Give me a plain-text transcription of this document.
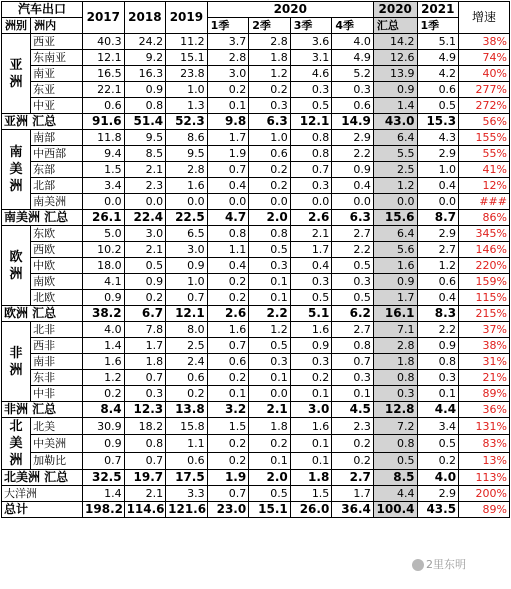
汽车出口		2017	2018	2019	2020				2020	2021	增速
洲别	洲内				1季	2季	3季	4季	汇总	1季	

亚洲	西亚	40.3	24.2	11.2	3.7	2.8	3.6	4.0	14.2	5.1	38%
	东南亚	12.1	9.2	15.1	2.8	1.8	3.1	4.9	12.6	4.9	74%
	南亚	16.5	16.3	23.8	3.0	1.2	4.6	5.2	13.9	4.2	40%
	东亚	22.1	0.9	1.0	0.2	0.2	0.3	0.3	0.9	0.6	277%
	中亚	0.6	0.8	1.3	0.1	0.3	0.5	0.6	1.4	0.5	272%
亚洲 汇总		91.6	51.4	52.3	9.8	6.3	12.1	14.9	43.0	15.3	56%

南美洲	南部	11.8	9.5	8.6	1.7	1.0	0.8	2.9	6.4	4.3	155%
	中西部	9.4	8.5	9.5	1.9	0.6	0.8	2.2	5.5	2.9	55%
	东部	1.5	2.1	2.8	0.7	0.2	0.7	0.9	2.5	1.0	41%
	北部	3.4	2.3	1.6	0.4	0.2	0.3	0.4	1.2	0.4	12%
	南美洲	0.0	0.0	0.0	0.0	0.0	0.0	0.0	0.0	0.0	###
南美洲 汇总		26.1	22.4	22.5	4.7	2.0	2.6	6.3	15.6	8.7	86%

欧洲	东欧	5.0	3.0	6.5	0.8	0.8	2.1	2.7	6.4	2.9	345%
	西欧	10.2	2.1	3.0	1.1	0.5	1.7	2.2	5.6	2.7	146%
	中欧	18.0	0.5	0.9	0.4	0.3	0.4	0.5	1.6	1.2	220%
	南欧	4.1	0.9	1.0	0.2	0.1	0.3	0.3	0.9	0.6	159%
	北欧	0.9	0.2	0.7	0.2	0.1	0.5	0.5	1.7	0.4	115%
欧洲 汇总		38.2	6.7	12.1	2.6	2.2	5.1	6.2	16.1	8.3	215%

非洲	北非	4.0	7.8	8.0	1.6	1.2	1.6	2.7	7.1	2.2	37%
	西非	1.4	1.7	2.5	0.7	0.5	0.9	0.8	2.8	0.9	38%
	南非	1.6	1.8	2.4	0.6	0.3	0.3	0.7	1.8	0.8	31%
	东非	1.2	0.7	0.6	0.2	0.1	0.2	0.3	0.8	0.3	21%
	中非	0.2	0.3	0.2	0.1	0.0	0.1	0.1	0.3	0.1	89%
非洲 汇总		8.4	12.3	13.8	3.2	2.1	3.0	4.5	12.8	4.4	36%

北美洲	北美	30.9	18.2	15.8	1.5	1.8	1.6	2.3	7.2	3.4	131%
	中美洲	0.9	0.8	1.1	0.2	0.2	0.1	0.2	0.8	0.5	83%
	加勒比	0.7	0.7	0.6	0.2	0.1	0.1	0.2	0.5	0.2	13%
北美洲 汇总		32.5	19.7	17.5	1.9	2.0	1.8	2.7	8.5	4.0	113%
大洋洲		1.4	2.1	3.3	0.7	0.5	1.5	1.7	4.4	2.9	200%
总计		198.2	114.6	121.6	23.0	15.1	26.0	36.4	100.4	43.5	89%
2里东明
